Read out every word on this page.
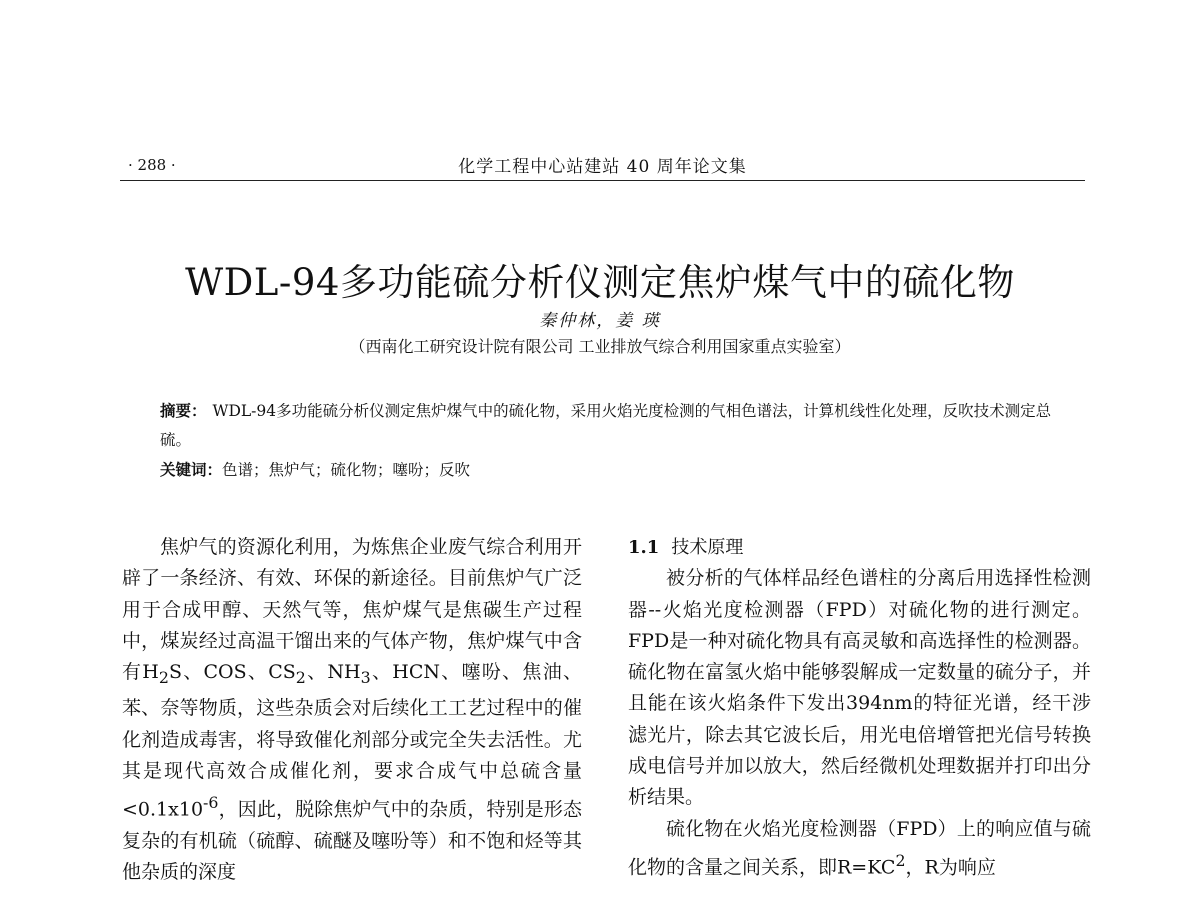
· 288 ·	化学工程中心站建站 40 周年论文集
WDL-94多功能硫分析仪测定焦炉煤气中的硫化物
秦仲林，姜 瑛
（西南化工研究设计院有限公司 工业排放气综合利用国家重点实验室）
摘要： WDL-94多功能硫分析仪测定焦炉煤气中的硫化物，采用火焰光度检测的气相色谱法，计算机线性化处理，反吹技术测定总硫。
关键词：色谱；焦炉气；硫化物；噻吩；反吹

焦炉气的资源化利用，为炼焦企业废气综合利用开辟了一条经济、有效、环保的新途径。目前焦炉气广泛用于合成甲醇、天然气等，焦炉煤气是焦碳生产过程中，煤炭经过高温干馏出来的气体产物，焦炉煤气中含有$H_2S$、COS、$CS_2$、$NH_3$、HCN、噻吩、焦油、苯、奈等物质，这些杂质会对后续化工工艺过程中的催化剂造成毒害，将导致催化剂部分或完全失去活性。尤其是现代高效合成催化剂，要求合成气中总硫含量$<0.1x10^{-6}$，因此，脱除焦炉气中的杂质，特别是形态复杂的有机硫（硫醇、硫醚及噻吩等）和不饱和烃等其他杂质的深度

1.1 技术原理

被分析的气体样品经色谱柱的分离后用选择性检测器--火焰光度检测器（FPD）对硫化物的进行测定。FPD是一种对硫化物具有高灵敏和高选择性的检测器。硫化物在富氢火焰中能够裂解成一定数量的硫分子，并且能在该火焰条件下发出394nm的特征光谱，经干涉滤光片，除去其它波长后，用光电倍增管把光信号转换成电信号并加以放大，然后经微机处理数据并打印出分析结果。

硫化物在火焰光度检测器（FPD）上的响应值与硫化物的含量之间关系，即$R=KC^2$，R为响应
